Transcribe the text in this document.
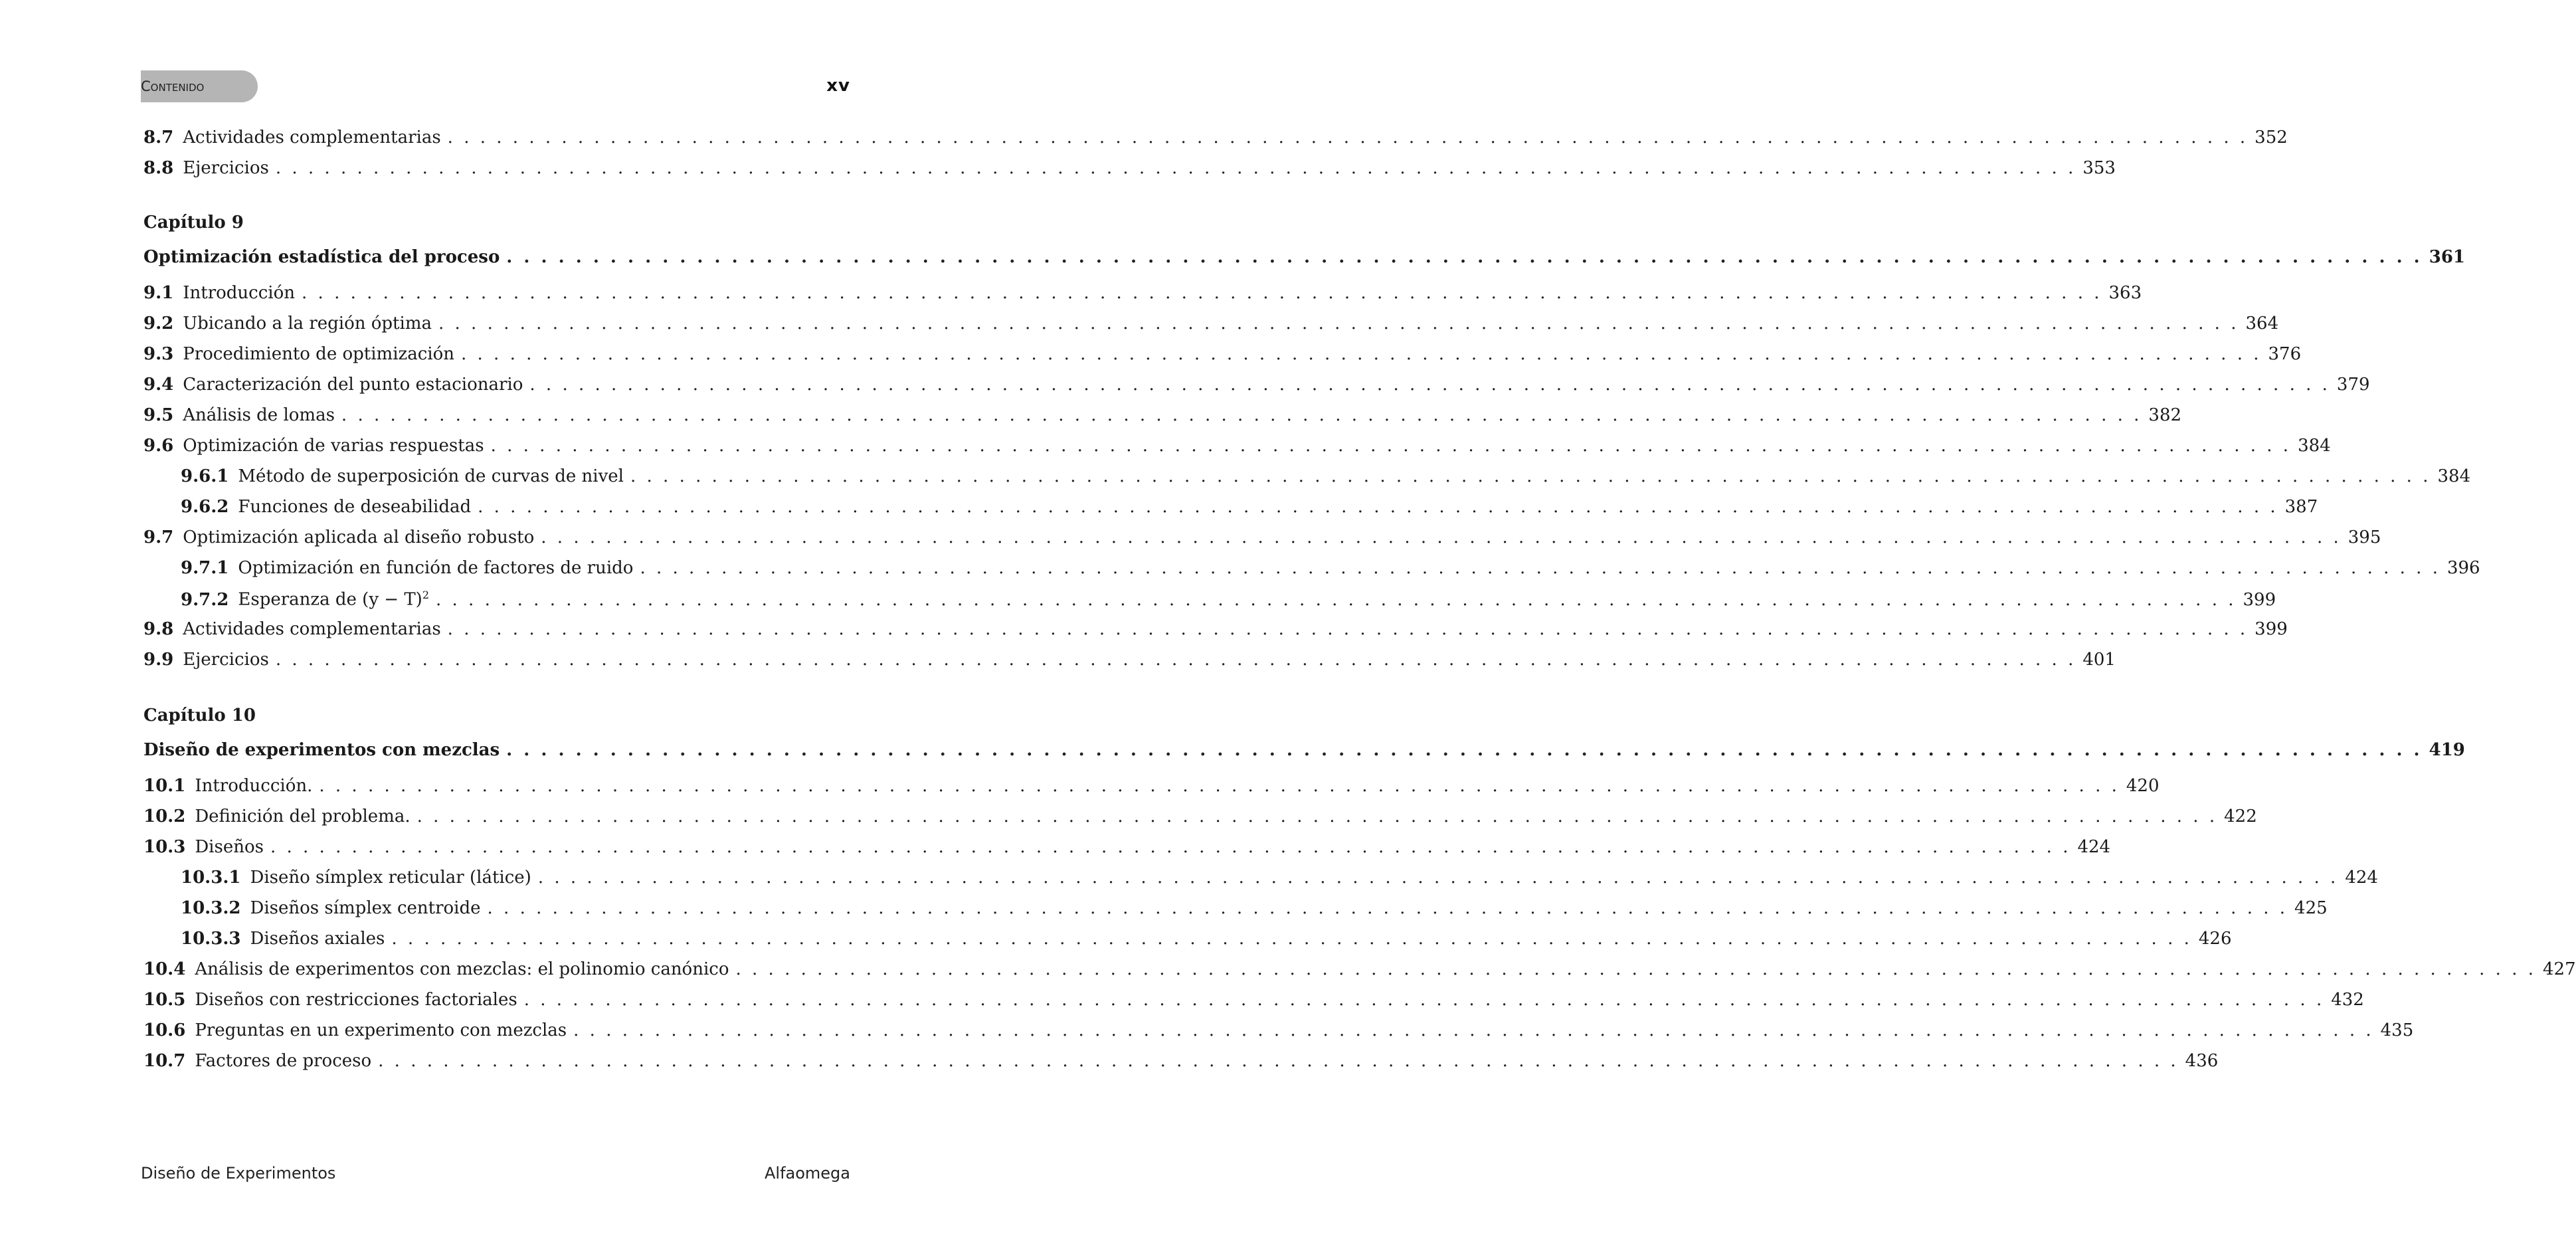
Contenido	xv
8.7 Actividades complementarias . . .	352
8.8 Ejercicios . . .	353
Capítulo 9
Optimización estadística del proceso . . .	361
9.1 Introducción . . .	363
9.2 Ubicando a la región óptima . . .	364
9.3 Procedimiento de optimización . . .	376
9.4 Caracterización del punto estacionario . . .	379
9.5 Análisis de lomas . . .	382
9.6 Optimización de varias respuestas . . .	384
9.6.1 Método de superposición de curvas de nivel . . .	384
9.6.2 Funciones de deseabilidad . . .	387
9.7 Optimización aplicada al diseño robusto . . .	395
9.7.1 Optimización en función de factores de ruido . . .	396
9.7.2 Esperanza de $(y - T)^2$ . . .	399
9.8 Actividades complementarias . . .	399
9.9 Ejercicios . . .	401
Capítulo 10
Diseño de experimentos con mezclas . . .	419
10.1 Introducción. . . .	420
10.2 Definición del problema. . . .	422
10.3 Diseños . . .	424
10.3.1 Diseño símplex reticular (látice) . . .	424
10.3.2 Diseños símplex centroide . . .	425
10.3.3 Diseños axiales . . .	426
10.4 Análisis de experimentos con mezclas: el polinomio canónico . . .	427
10.5 Diseños con restricciones factoriales . . .	432
10.6 Preguntas en un experimento con mezclas . . .	435
10.7 Factores de proceso . . .	436
Diseño de Experimentos	Alfaomega
